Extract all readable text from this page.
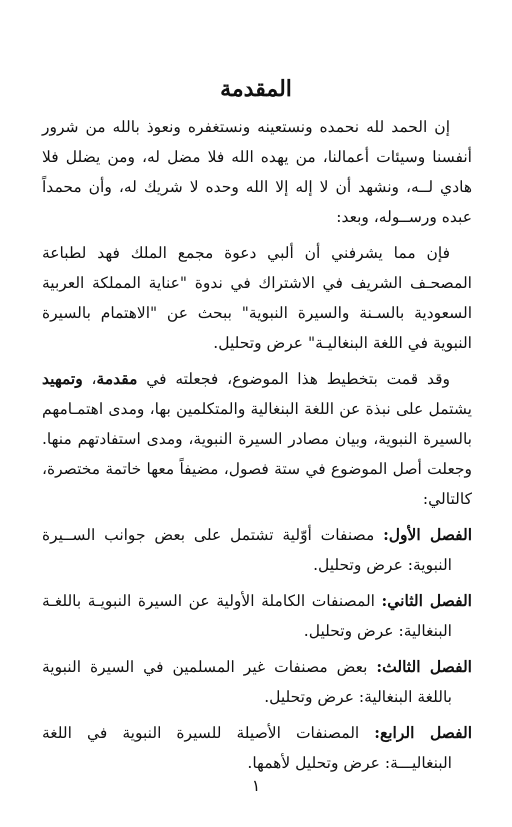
المقدمة

إن الحمد لله نحمده ونستعينه ونستغفره ونعوذ بالله من شرور أنفسنا وسيئات أعمالنا، من يهده الله فلا مضل له، ومن يضلل فلا هادي لــه، ونشهد أن لا إله إلا الله وحده لا شريك له، وأن محمداً عبده ورســوله، وبعد:

فإن مما يشرفني أن ألبي دعوة مجمع الملك فهد لطباعة المصحـف الشريف في الاشتراك في ندوة "عناية المملكة العربية السعودية بالسـنة والسيرة النبوية" ببحث عن "الاهتمام بالسيرة النبوية في اللغة البنغاليـة" عرض وتحليل.

وقد قمت بتخطيط هذا الموضوع، فجعلته في مقدمة، وتمهيد يشتمل على نبذة عن اللغة البنغالية والمتكلمين بها، ومدى اهتمـامهم بالسيرة النبوية، وبيان مصادر السيرة النبوية، ومدى استفادتهم منها. وجعلت أصل الموضوع في ستة فصول، مضيفاً معها خاتمة مختصرة، كالتالي:

الفصل الأول: مصنفات أوّلية تشتمل على بعض جوانب الســيرة النبوية: عرض وتحليل.

الفصل الثاني: المصنفات الكاملة الأولية عن السيرة النبويـة باللغـة البنغالية: عرض وتحليل.

الفصل الثالث: بعض مصنفات غير المسلمين في السيرة النبوية باللغة البنغالية: عرض وتحليل.

الفصل الرابع: المصنفات الأصيلة للسيرة النبوية في اللغة البنغاليـــة: عرض وتحليل لأهمها.

١
